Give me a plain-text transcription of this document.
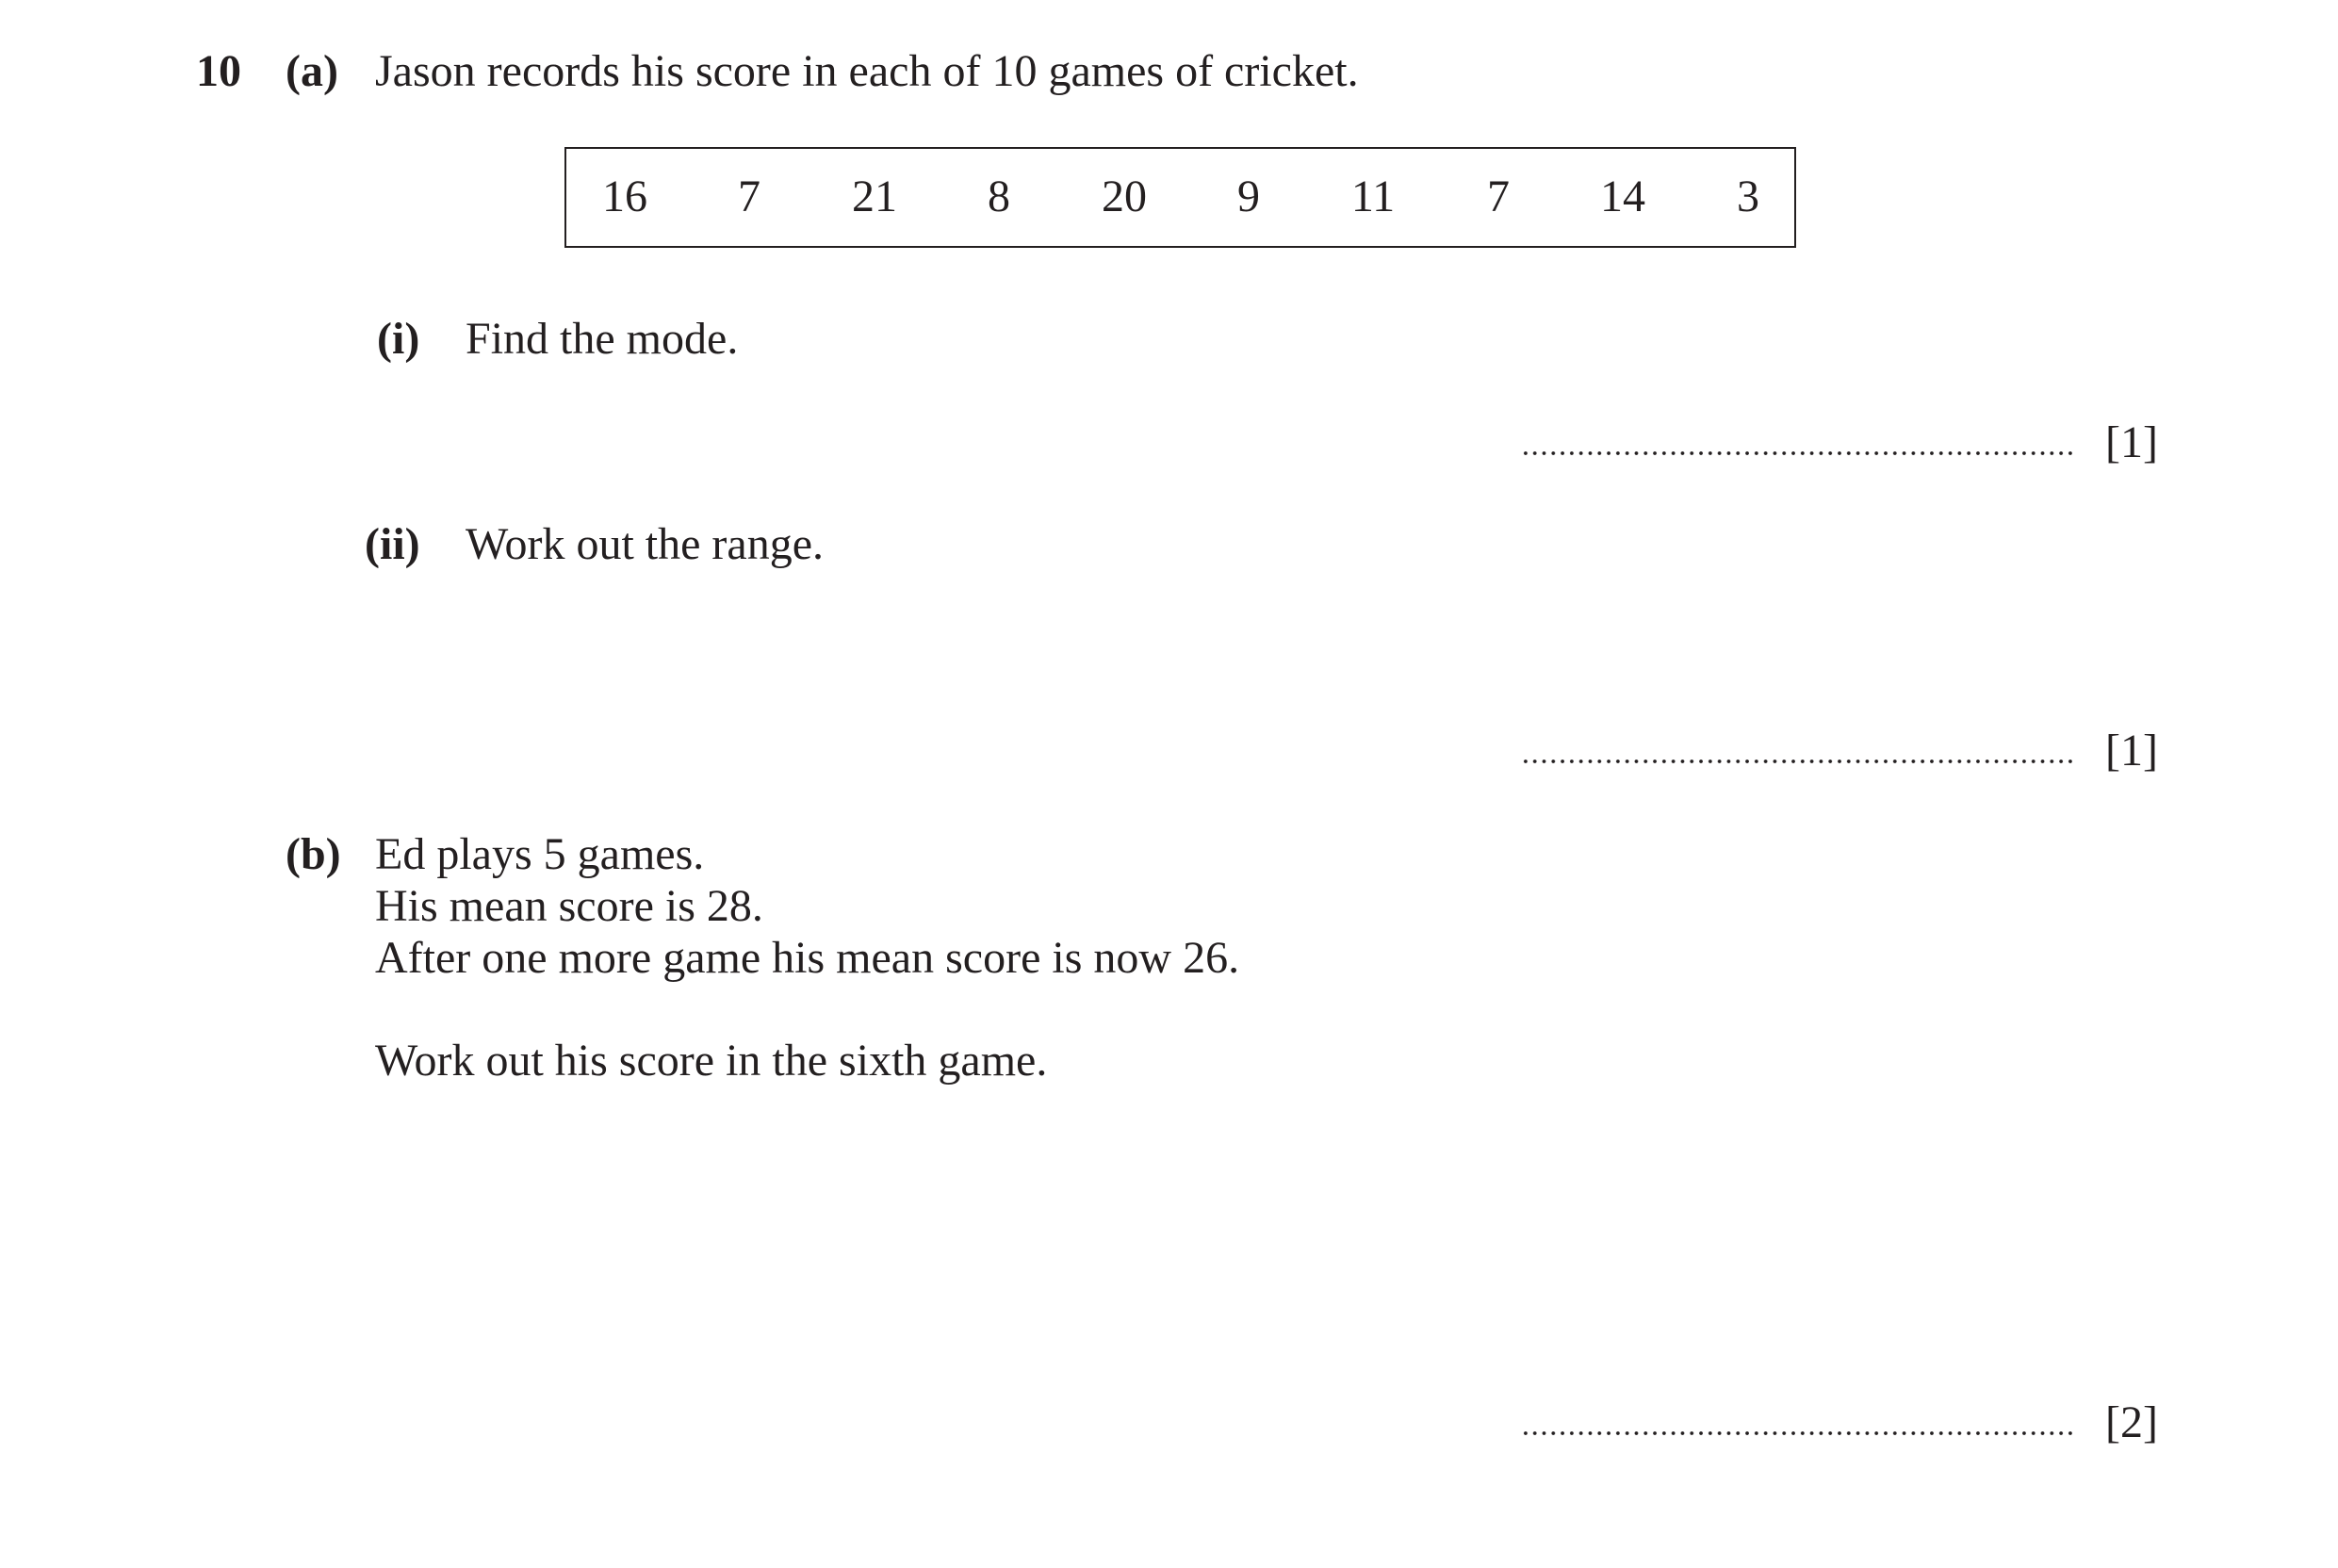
10 (a) Jason records his score in each of 10 games of cricket.
16	7	21	8	20	9	11	7	14	3
(i) Find the mode.
[1]
(ii) Work out the range.
[1]
(b) Ed plays 5 games.
His mean score is 28.
After one more game his mean score is now 26.
Work out his score in the sixth game.
[2]
